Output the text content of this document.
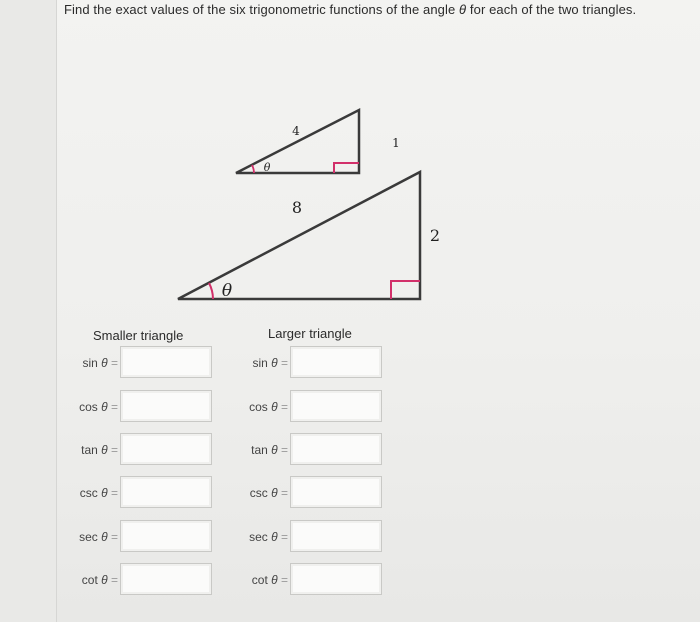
Find the exact values of the six trigonometric functions of the angle θ for each of the two triangles.
4
1
θ
8
2
θ
Smaller triangle	Larger triangle
sin θ =	sin θ =
cos θ =	cos θ =
tan θ =	tan θ =
csc θ =	csc θ =
sec θ =	sec θ =
cot θ =	cot θ =
